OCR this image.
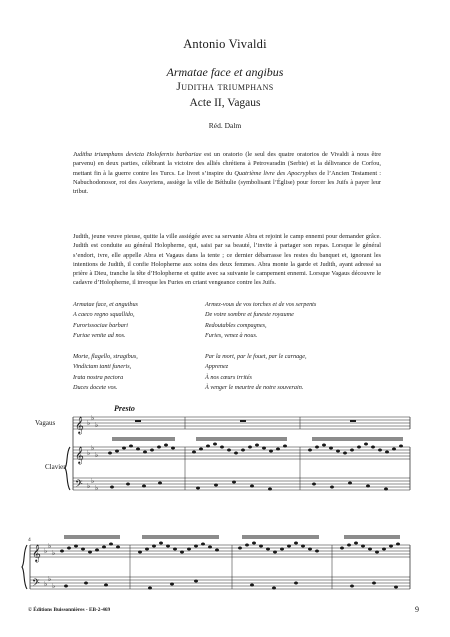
Antonio Vivaldi
Armatae face et angibus
Juditha triumphans
Acte II, Vagaus
Réd. Dalm

Juditha triumphans devicta Holofernis barbariae est un oratorio (le seul des quatre oratorios de Vivaldi à nous être parvenu) en deux parties, célébrant la victoire des alliés chrétiens à Petrovaradin (Serbie) et la délivrance de Corfou, mettant fin à la guerre contre les Turcs. Le livret s’inspire du Quatrième livre des Apocryphes de l’Ancien Testament : Nabuchodonosor, roi des Assyriens, assiège la ville de Béthulie (symbolisant l’Église) pour forcer les Juifs à payer leur tribut.

Judith, jeune veuve pieuse, quitte la ville assiégée avec sa servante Abra et rejoint le camp ennemi pour demander grâce. Judith est conduite au général Holopherne, qui, saisi par sa beauté, l’invite à partager son repas. Lorsque le général s’endort, ivre, elle appelle Abra et Vagaus dans la tente ; ce dernier débarrasse les restes du banquet et, ignorant les intentions de Judith, il confie Holopherne aux soins des deux femmes. Abra monte la garde et Judith, ayant adressé sa prière à Dieu, tranche la tête d’Holopherne et quitte avec sa suivante le campement ennemi. Lorsque Vagaus découvre le cadavre d’Holopherne, il invoque les Furies en criant vengeance contre les Juifs.

Armatae face, et anguibus
A caeco regno squallido,
Furorissociae barbari
Furiae venite ad nos.
Armez-vous de vos torches et de vos serpents
De votre sombre et funeste royaume
Redoutables compagnes,
Furies, venez à nous.
Morte, flagello, stragibus,
Vindictam tanti funeris,
Irata nostra pectora
Duces docete vos.
Par la mort, par le fouet, par le carnage,
Apprenez
À nos cœurs irrités
À venger le meurtre de notre souverain.
𝄞
𝄞
𝄢
𝄞
𝄢
♭
♭
♭
♭
♭
♭
♭
♭
♭
♭
♭
♭
♭
♭
♭
Presto
Vagaus
Clavier
4
© Éditions Buissonnières - EB-2-469	9
